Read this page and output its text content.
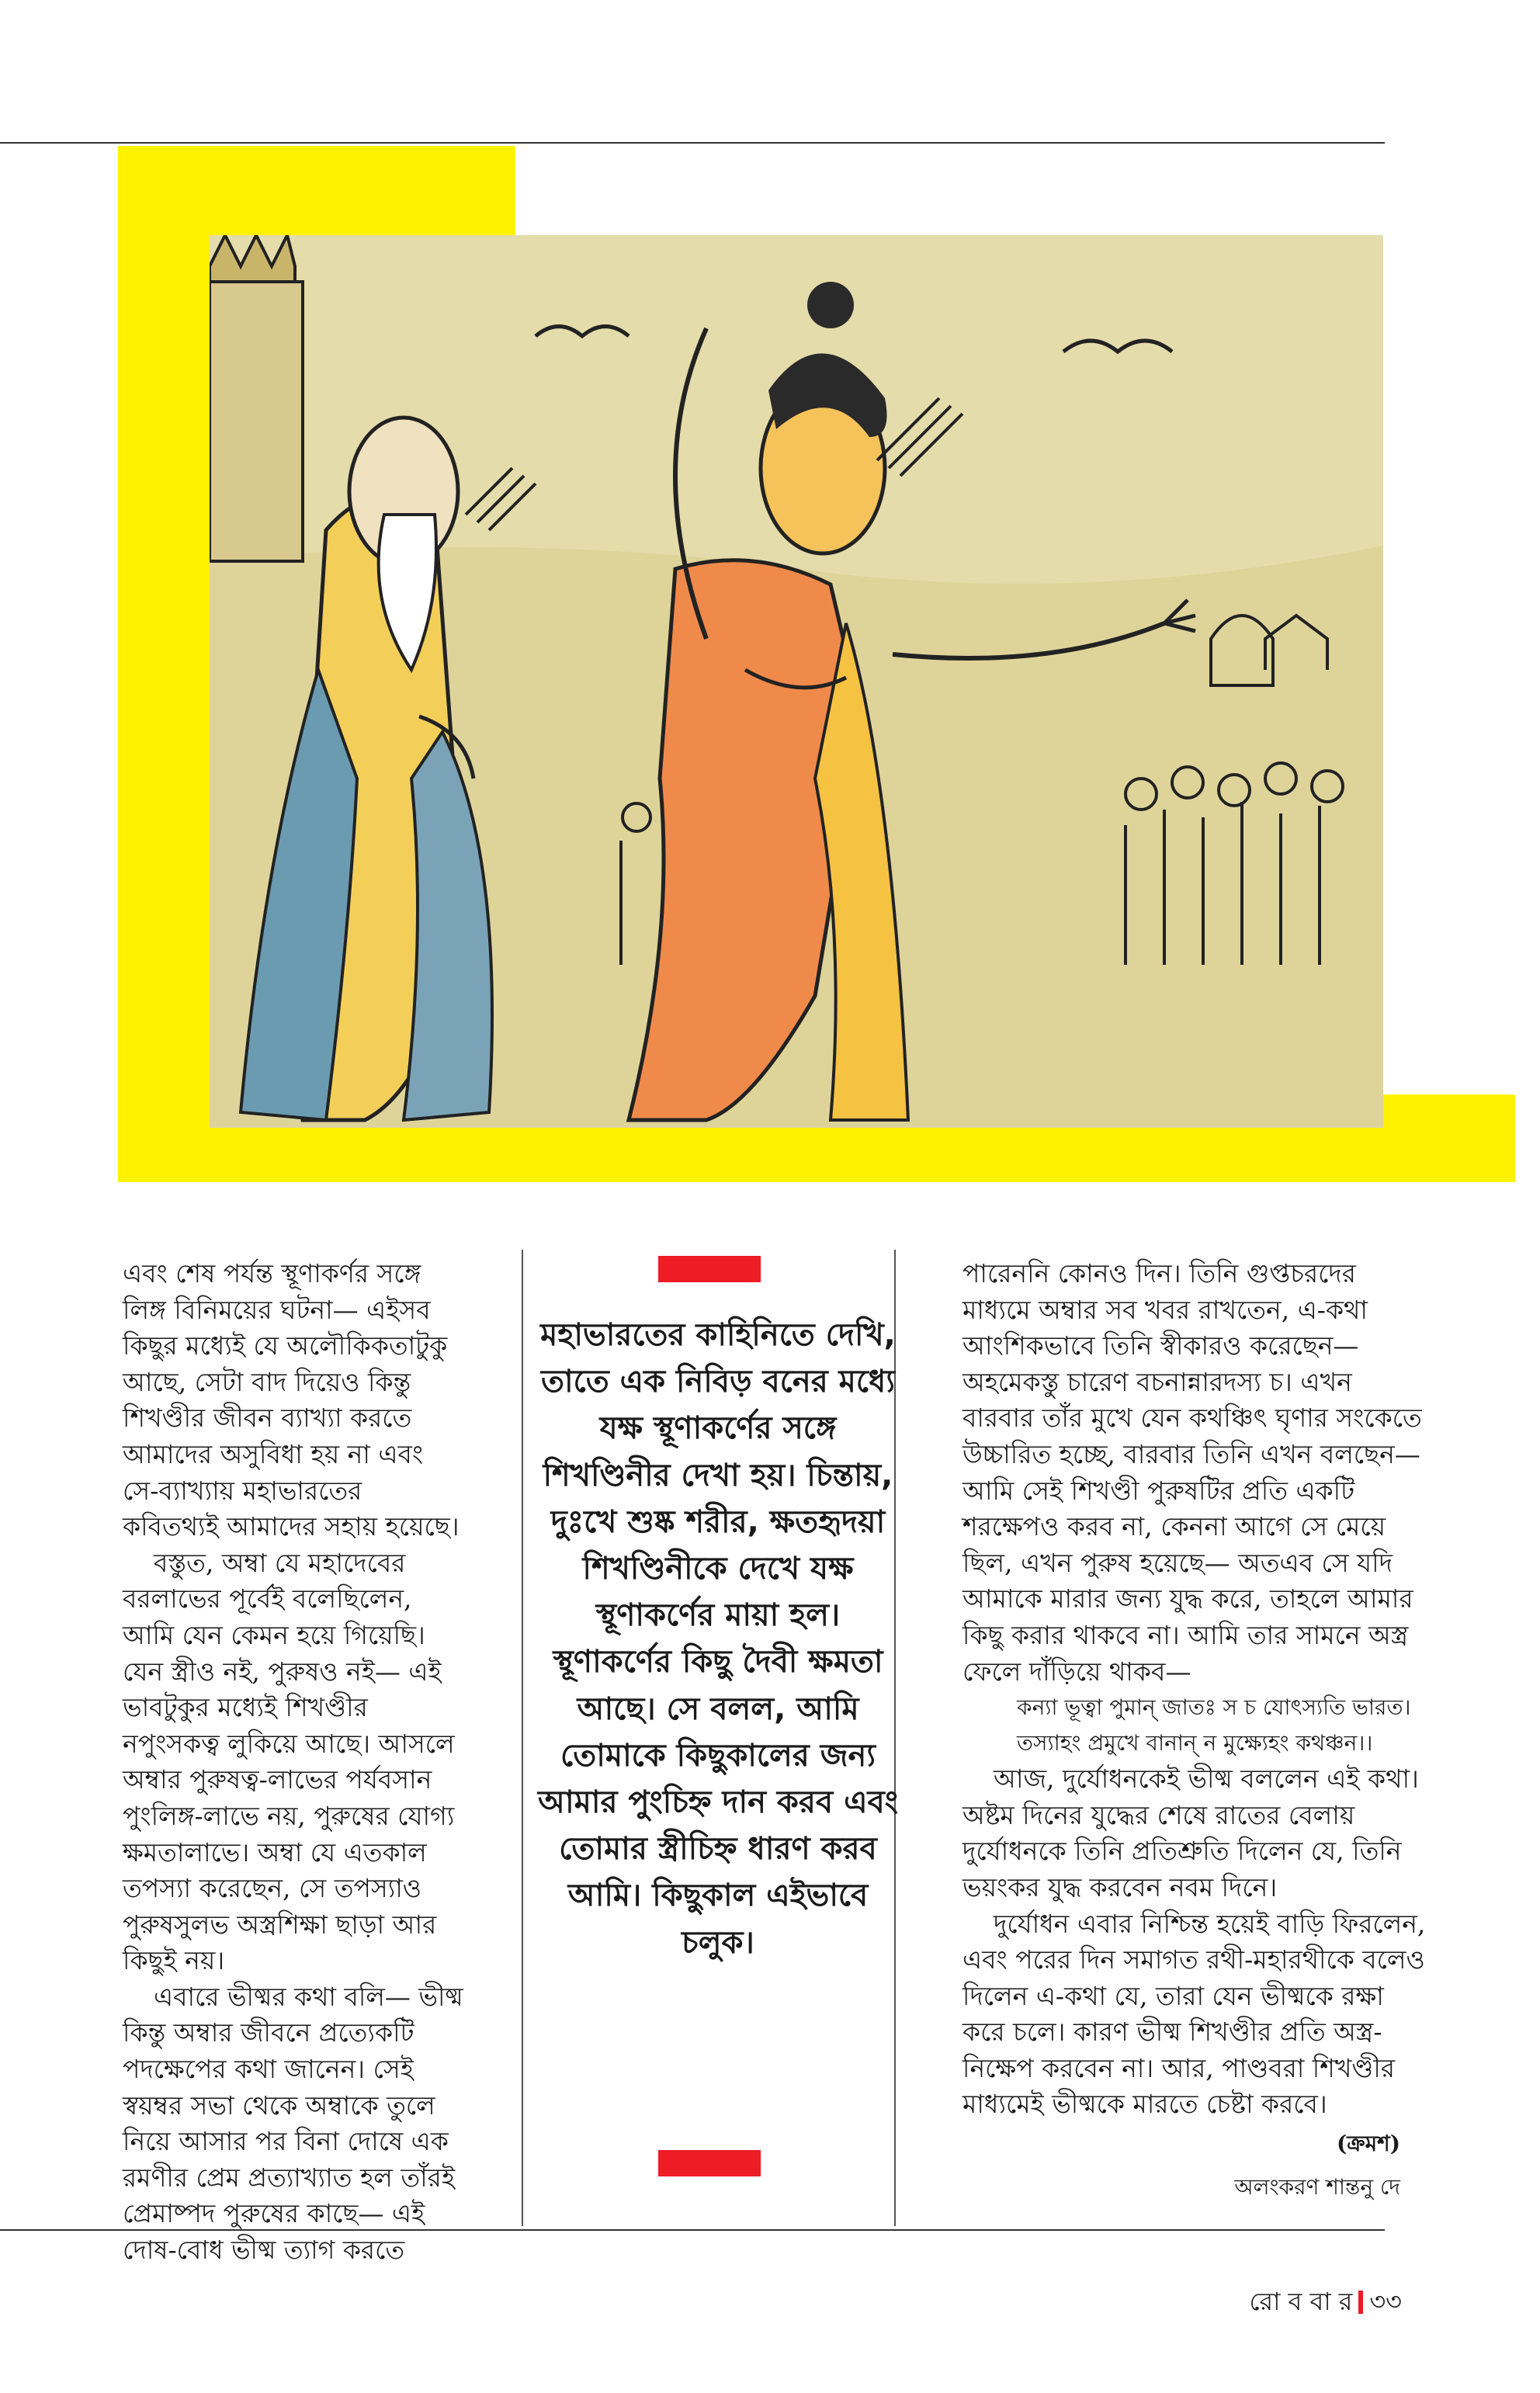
এবং শেষ পর্যন্ত স্থূণাকর্ণর সঙ্গে লিঙ্গ বিনিময়ের ঘটনা— এইসব কিছুর মধ্যেই যে অলৌকিকতাটুকু আছে, সেটা বাদ দিয়েও কিন্তু শিখণ্ডীর জীবন ব্যাখ্যা করতে আমাদের অসুবিধা হয় না এবং সে-ব্যাখ্যায় মহাভারতের কবিতথ্যই আমাদের সহায় হয়েছে।

বস্তুত, অম্বা যে মহাদেবের বরলাভের পূর্বেই বলেছিলেন, আমি যেন কেমন হয়ে গিয়েছি। যেন স্ত্রীও নই, পুরুষও নই— এই ভাবটুকুর মধ্যেই শিখণ্ডীর নপুংসকত্ব লুকিয়ে আছে। আসলে অম্বার পুরুষত্ব-লাভের পর্যবসান পুংলিঙ্গ-লাভে নয়, পুরুষের যোগ্য ক্ষমতালাভে। অম্বা যে এতকাল তপস্যা করেছেন, সে তপস্যাও পুরুষসুলভ অস্ত্রশিক্ষা ছাড়া আর কিছুই নয়।

এবারে ভীষ্মর কথা বলি— ভীষ্ম কিন্তু অম্বার জীবনে প্রত্যেকটি পদক্ষেপের কথা জানেন। সেই স্বয়ম্বর সভা থেকে অম্বাকে তুলে নিয়ে আসার পর বিনা দোষে এক রমণীর প্রেম প্রত্যাখ্যাত হল তাঁরই প্রেমাষ্পদ পুরুষের কাছে— এই দোষ-বোধ ভীষ্ম ত্যাগ করতে

মহাভারতের কাহিনিতে দেখি, তাতে এক নিবিড় বনের মধ্যে যক্ষ স্থূণাকর্ণের সঙ্গে শিখণ্ডিনীর দেখা হয়। চিন্তায়, দুঃখে শুষ্ক শরীর, ক্ষতহৃদয়া শিখণ্ডিনীকে দেখে যক্ষ স্থূণাকর্ণের মায়া হল। স্থূণাকর্ণের কিছু দৈবী ক্ষমতা আছে। সে বলল, আমি তোমাকে কিছুকালের জন্য আমার পুংচিহ্ন দান করব এবং তোমার স্ত্রীচিহ্ন ধারণ করব আমি। কিছুকাল এইভাবে চলুক।

পারেননি কোনও দিন। তিনি গুপ্তচরদের মাধ্যমে অম্বার সব খবর রাখতেন, এ-কথা আংশিকভাবে তিনি স্বীকারও করেছেন— অহমেকস্তু চারেণ বচনান্নারদস্য চ। এখন বারবার তাঁর মুখে যেন কথঞ্চিৎ ঘৃণার সংকেতে উচ্চারিত হচ্ছে, বারবার তিনি এখন বলছেন— আমি সেই শিখণ্ডী পুরুষটির প্রতি একটি শরক্ষেপও করব না, কেননা আগে সে মেয়ে ছিল, এখন পুরুষ হয়েছে— অতএব সে যদি আমাকে মারার জন্য যুদ্ধ করে, তাহলে আমার কিছু করার থাকবে না। আমি তার সামনে অস্ত্র ফেলে দাঁড়িয়ে থাকব—

কন্যা ভূত্বা পুমান্ জাতঃ স চ যোৎস্যতি ভারত।

তস্যাহং প্রমুখে বানান্ ন মুক্ষ্যেহং কথঞ্চন।।

আজ, দুর্যোধনকেই ভীষ্ম বললেন এই কথা। অষ্টম দিনের যুদ্ধের শেষে রাতের বেলায় দুর্যোধনকে তিনি প্রতিশ্রুতি দিলেন যে, তিনি ভয়ংকর যুদ্ধ করবেন নবম দিনে।

দুর্যোধন এবার নিশ্চিন্ত হয়েই বাড়ি ফিরলেন, এবং পরের দিন সমাগত রথী-মহারথীকে বলেও দিলেন এ-কথা যে, তারা যেন ভীষ্মকে রক্ষা করে চলে। কারণ ভীষ্ম শিখণ্ডীর প্রতি অস্ত্র-নিক্ষেপ করবেন না। আর, পাণ্ডবরা শিখণ্ডীর মাধ্যমেই ভীষ্মকে মারতে চেষ্টা করবে।

(ক্রমশ)
অলংকরণ শান্তনু দে
রো ব বা র ৩৩
